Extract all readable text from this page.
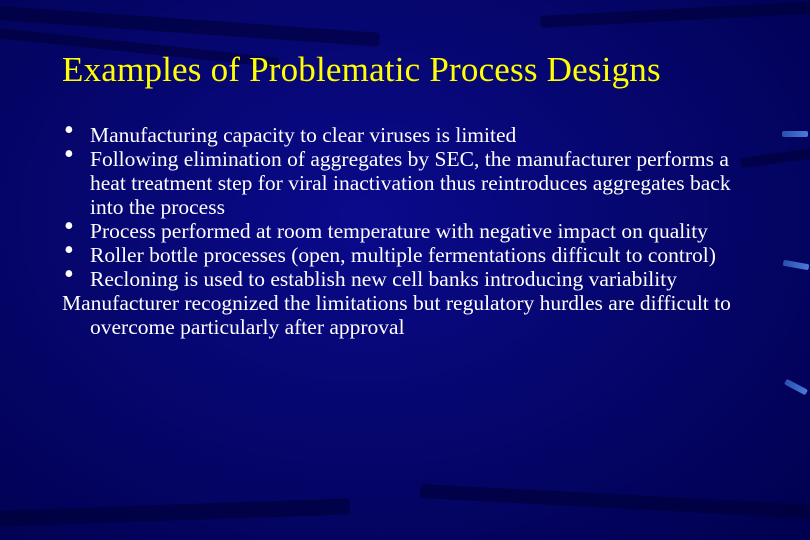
Examples of Problematic Process Designs
• Manufacturing capacity to clear viruses is limited
• Following elimination of aggregates by SEC, the manufacturer performs a heat treatment step for viral inactivation thus reintroduces aggregates back into the process
• Process performed at room temperature with negative impact on quality
• Roller bottle processes (open, multiple fermentations difficult to control)
• Recloning is used to establish new cell banks introducing variability
Manufacturer recognized the limitations but regulatory hurdles are difficult to overcome particularly after approval
